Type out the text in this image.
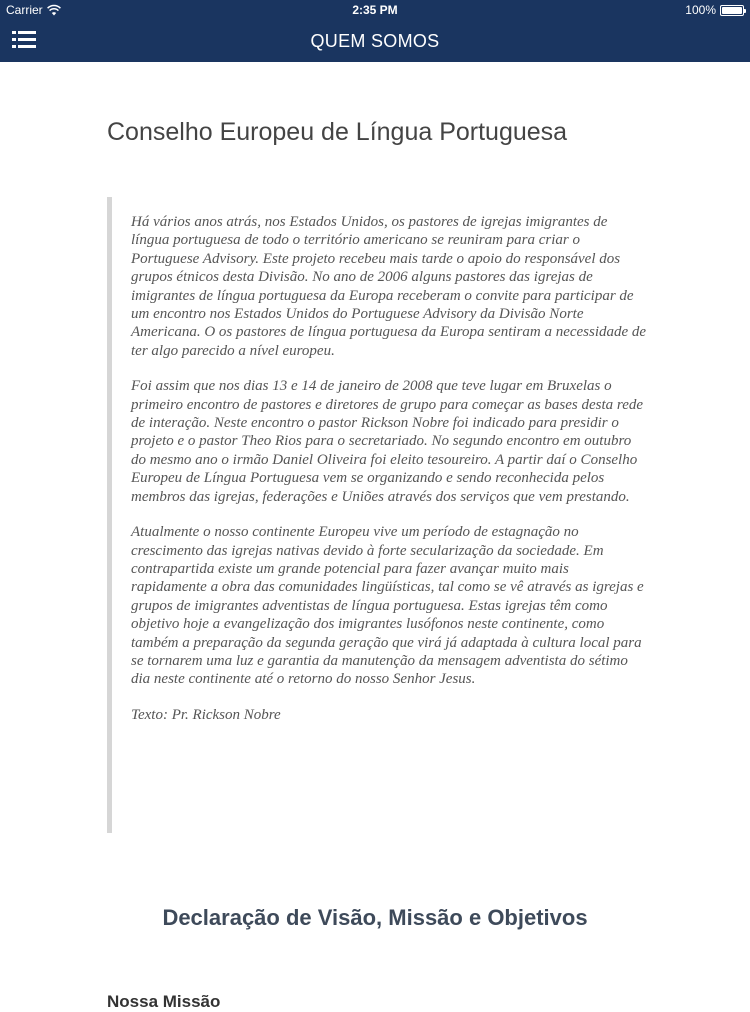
Carrier	2:35 PM	100%
QUEM SOMOS
Conselho Europeu de Língua Portuguesa

Há vários anos atrás, nos Estados Unidos, os pastores de igrejas imigrantes de língua portuguesa de todo o território americano se reuniram para criar o Portuguese Advisory. Este projeto recebeu mais tarde o apoio do responsável dos grupos étnicos desta Divisão. No ano de 2006 alguns pastores das igrejas de imigrantes de língua portuguesa da Europa receberam o convite para participar de um encontro nos Estados Unidos do Portuguese Advisory da Divisão Norte Americana. O os pastores de língua portuguesa da Europa sentiram a necessidade de ter algo parecido a nível europeu.

Foi assim que nos dias 13 e 14 de janeiro de 2008 que teve lugar em Bruxelas o primeiro encontro de pastores e diretores de grupo para começar as bases desta rede de interação. Neste encontro o pastor Rickson Nobre foi indicado para presidir o projeto e o pastor Theo Rios para o secretariado. No segundo encontro em outubro do mesmo ano o irmão Daniel Oliveira foi eleito tesoureiro. A partir daí o Conselho Europeu de Língua Portuguesa vem se organizando e sendo reconhecida pelos membros das igrejas, federações e Uniões através dos serviços que vem prestando.

Atualmente o nosso continente Europeu vive um período de estagnação no crescimento das igrejas nativas devido à forte secularização da sociedade. Em contrapartida existe um grande potencial para fazer avançar muito mais rapidamente a obra das comunidades lingüísticas, tal como se vê através as igrejas e grupos de imigrantes adventistas de língua portuguesa. Estas igrejas têm como objetivo hoje a evangelização dos imigrantes lusófonos neste continente, como também a preparação da segunda geração que virá já adaptada à cultura local para se tornarem uma luz e garantia da manutenção da mensagem adventista do sétimo dia neste continente até o retorno do nosso Senhor Jesus.

Texto: Pr. Rickson Nobre

Declaração de Visão, Missão e Objetivos
Nossa Missão
